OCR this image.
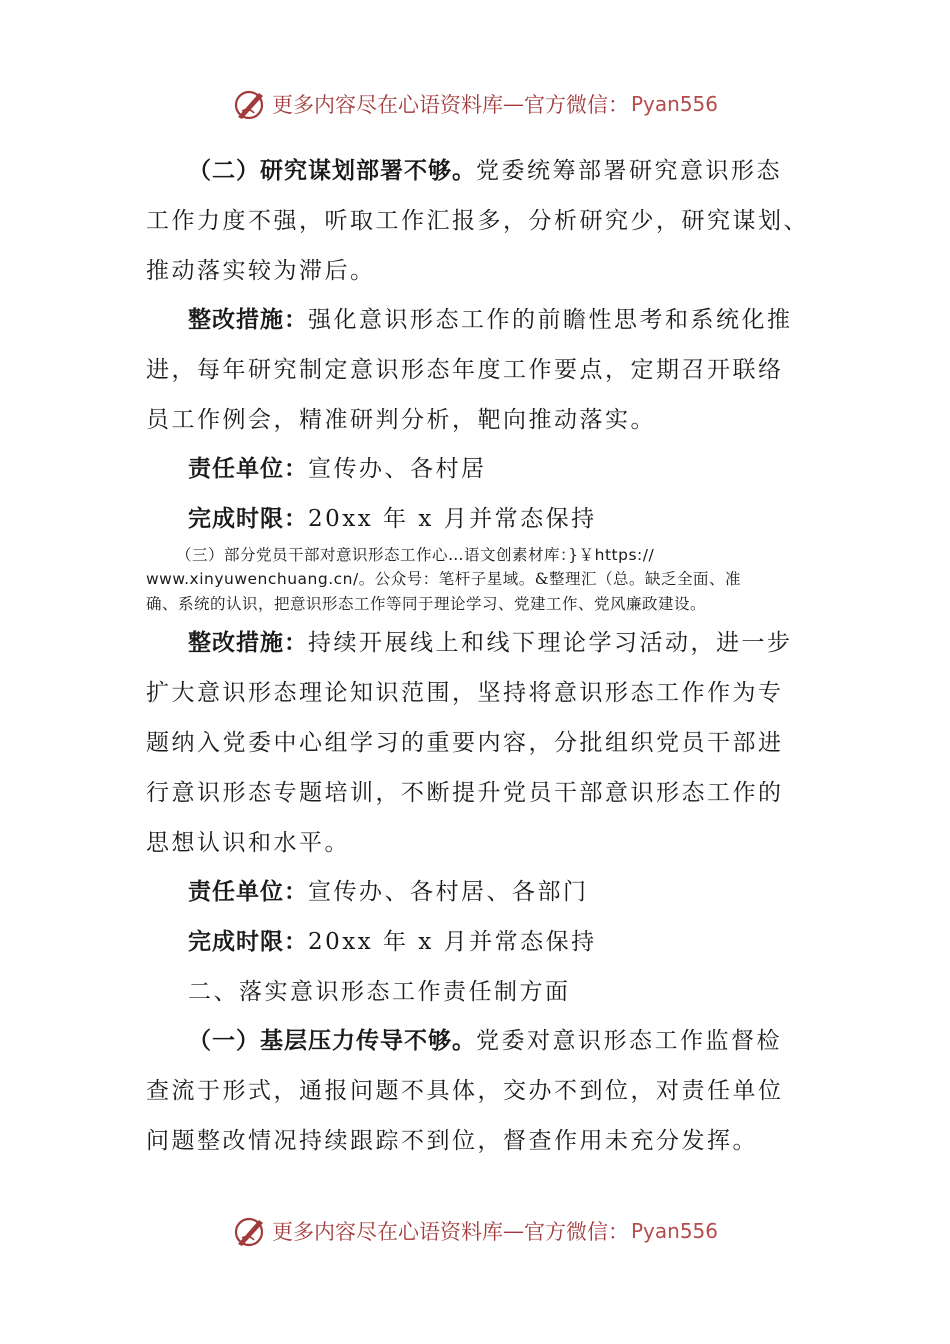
更多内容尽在心语资料库 — 官方微信： Pyan556
（二）研究谋划部署不够。党委统筹部署研究意识形态
工作力度不强，听取工作汇报多，分析研究少，研究谋划、
推动落实较为滞后。
整改措施：强化意识形态工作的前瞻性思考和系统化推
进，每年研究制定意识形态年度工作要点，定期召开联络
员工作例会，精准研判分析，靶向推动落实。
责任单位：宣传办、各村居
完成时限：20xx 年 x 月并常态保持
（三）部分党员干部对意识形态工作心…语文创素材库：}￥https://
www.xinyuwenchuang.cn/。公众号：笔杆子星域。&整理汇（总。缺乏全面、准
确、系统的认识，把意识形态工作等同于理论学习、党建工作、党风廉政建设。
整改措施：持续开展线上和线下理论学习活动，进一步
扩大意识形态理论知识范围，坚持将意识形态工作作为专
题纳入党委中心组学习的重要内容，分批组织党员干部进
行意识形态专题培训，不断提升党员干部意识形态工作的
思想认识和水平。
责任单位：宣传办、各村居、各部门
完成时限：20xx 年 x 月并常态保持
二、落实意识形态工作责任制方面
（一）基层压力传导不够。党委对意识形态工作监督检
查流于形式，通报问题不具体，交办不到位，对责任单位
问题整改情况持续跟踪不到位，督查作用未充分发挥。
更多内容尽在心语资料库 — 官方微信： Pyan556
